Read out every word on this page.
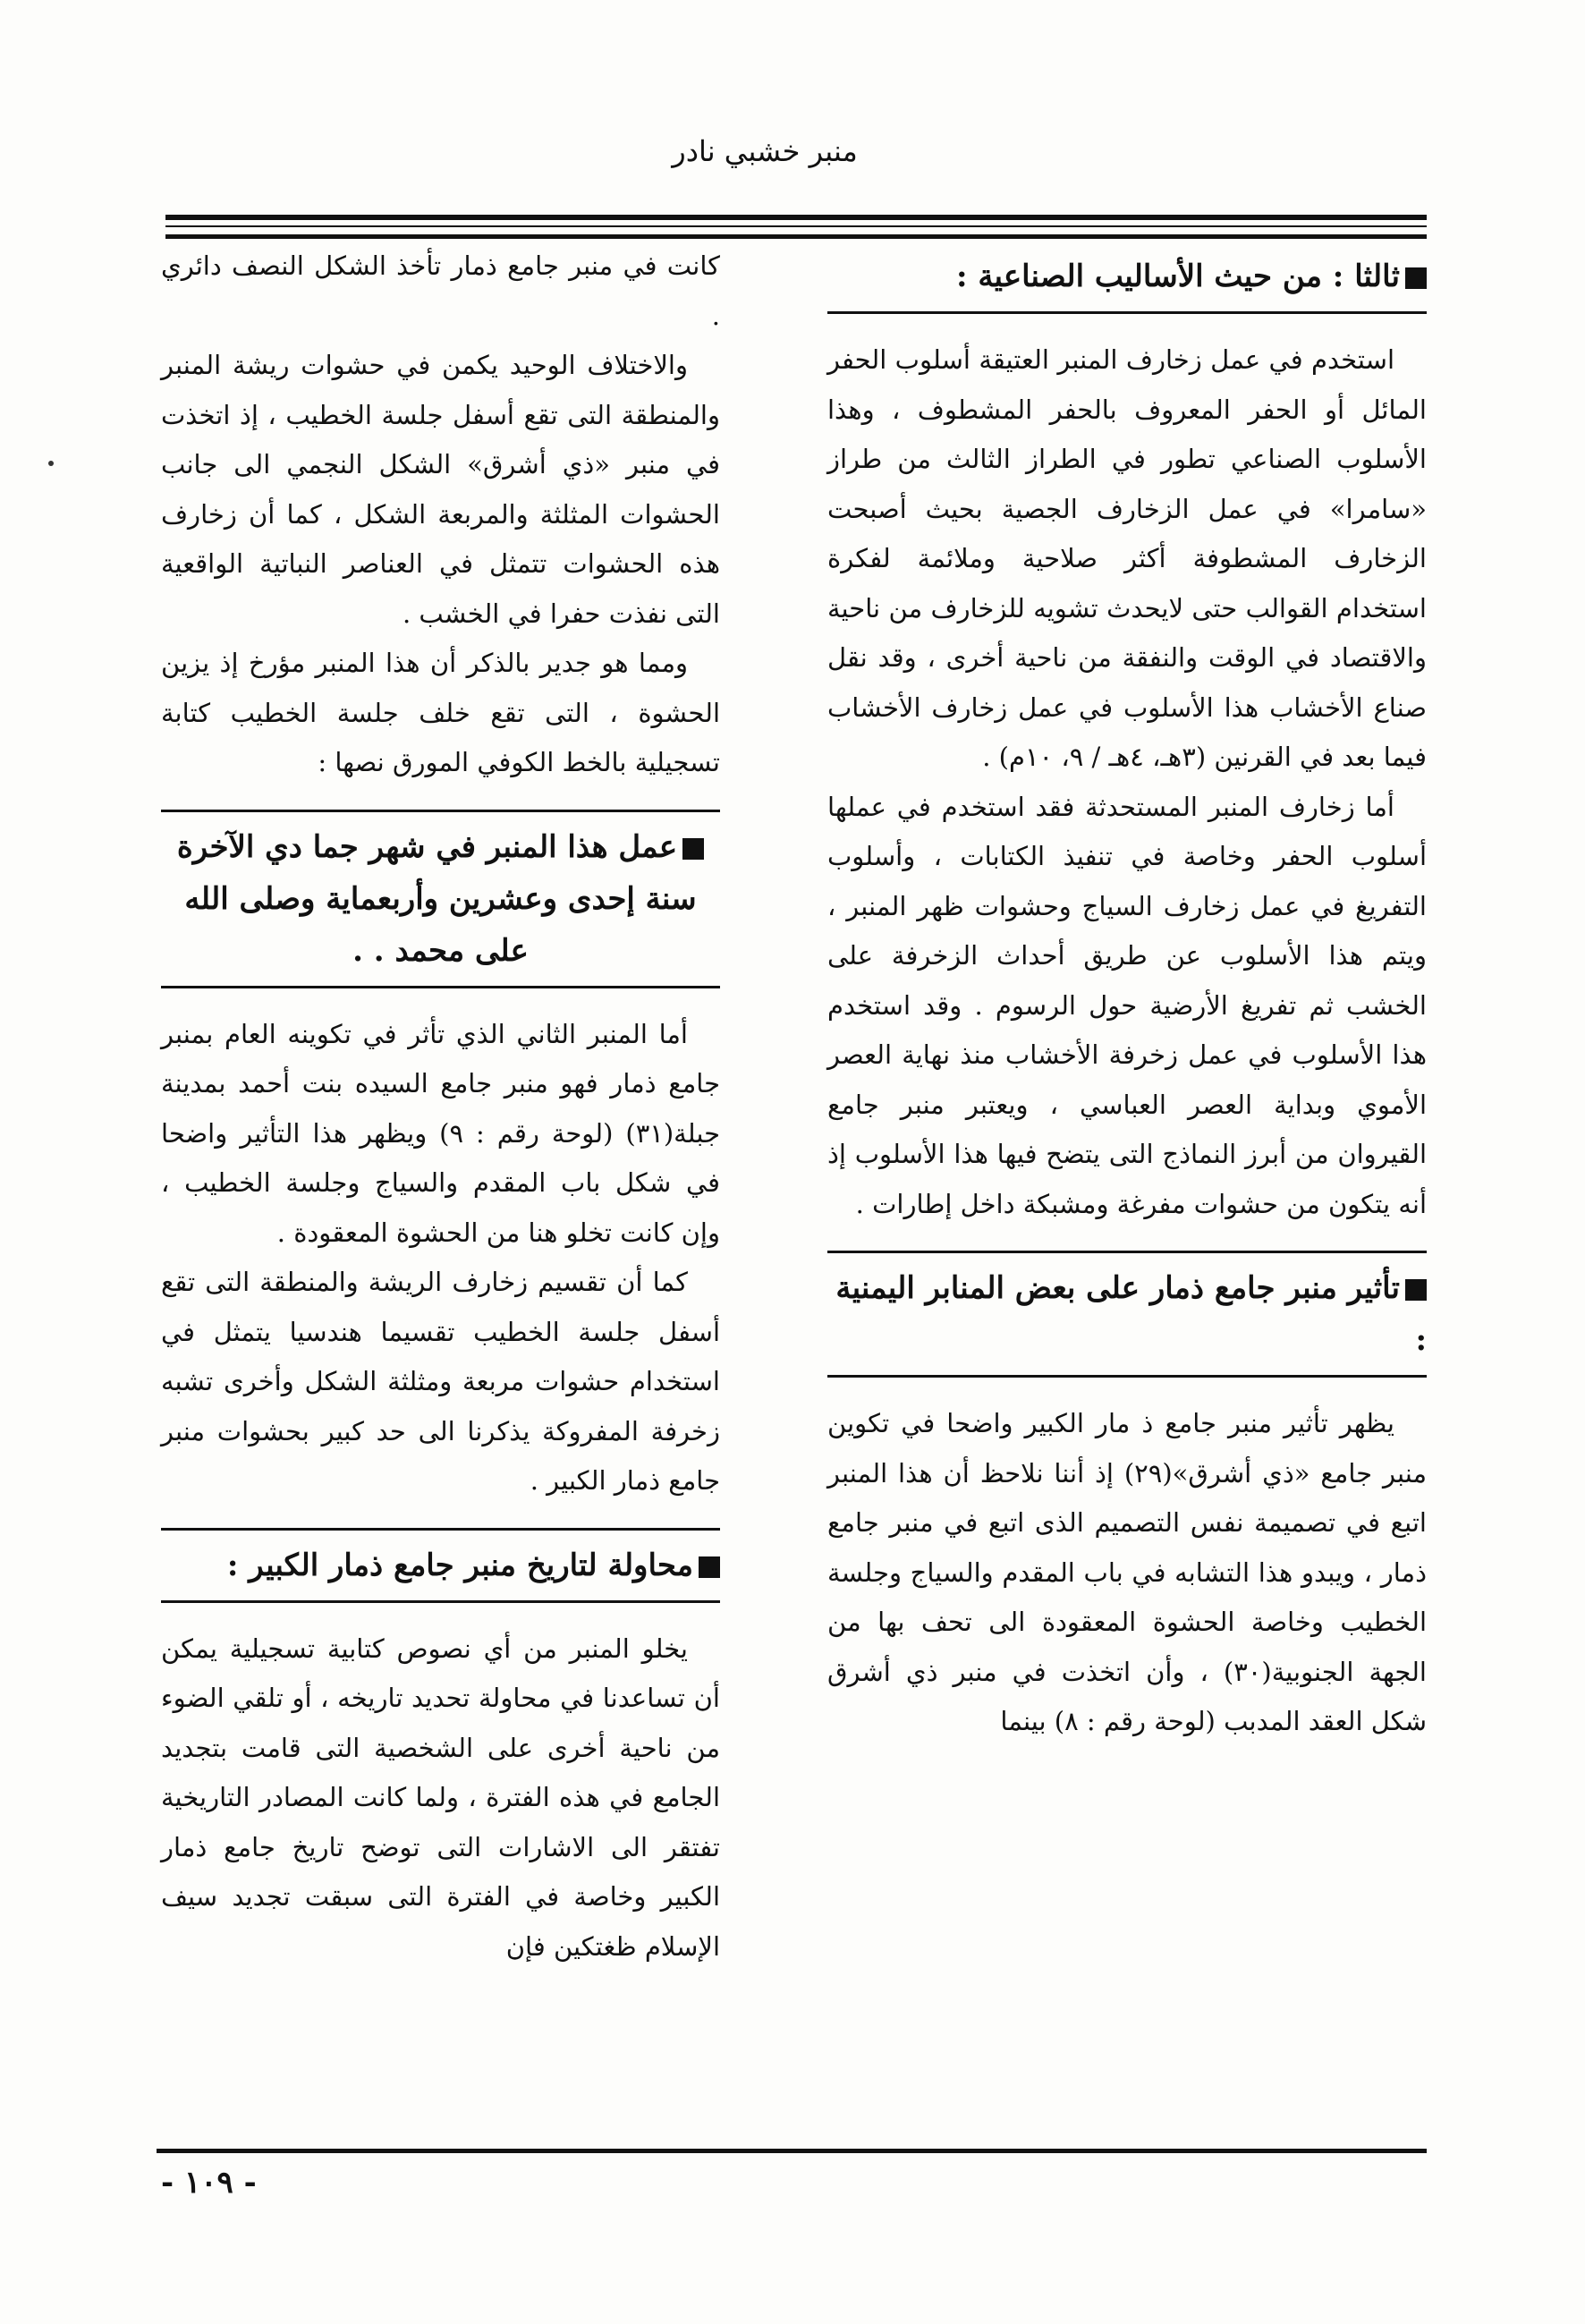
منبر خشبي نادر
ثالثا : من حيث الأساليب الصناعية :

استخدم في عمل زخارف المنبر العتيقة أسلوب الحفر المائل أو الحفر المعروف بالحفر المشطوف ، وهذا الأسلوب الصناعي تطور في الطراز الثالث من طراز «سامرا» في عمل الزخارف الجصية بحيث أصبحت الزخارف المشطوفة أكثر صلاحية وملائمة لفكرة استخدام القوالب حتى لايحدث تشويه للزخارف من ناحية والاقتصاد في الوقت والنفقة من ناحية أخرى ، وقد نقل صناع الأخشاب هذا الأسلوب في عمل زخارف الأخشاب فيما بعد في القرنين (٣هـ، ٤هـ / ٩، ١٠م) .

أما زخارف المنبر المستحدثة فقد استخدم في عملها أسلوب الحفر وخاصة في تنفيذ الكتابات ، وأسلوب التفريغ في عمل زخارف السياج وحشوات ظهر المنبر ، ويتم هذا الأسلوب عن طريق أحداث الزخرفة على الخشب ثم تفريغ الأرضية حول الرسوم . وقد استخدم هذا الأسلوب في عمل زخرفة الأخشاب منذ نهاية العصر الأموي وبداية العصر العباسي ، ويعتبر منبر جامع القيروان من أبرز النماذج التى يتضح فيها هذا الأسلوب إذ أنه يتكون من حشوات مفرغة ومشبكة داخل إطارات .

تأثير منبر جامع ذمار على بعض المنابر اليمنية :

يظهر تأثير منبر جامع ذ مار الكبير واضحا في تكوين منبر جامع «ذي أشرق»(٢٩) إذ أننا نلاحظ أن هذا المنبر اتبع في تصميمة نفس التصميم الذى اتبع في منبر جامع ذمار ، ويبدو هذا التشابه في باب المقدم والسياج وجلسة الخطيب وخاصة الحشوة المعقودة الى تحف بها من الجهة الجنوبية(٣٠) ، وأن اتخذت في منبر ذي أشرق شكل العقد المدبب (لوحة رقم : ٨) بينما

كانت في منبر جامع ذمار تأخذ الشكل النصف دائري .

والاختلاف الوحيد يكمن في حشوات ريشة المنبر والمنطقة التى تقع أسفل جلسة الخطيب ، إذ اتخذت في منبر «ذي أشرق» الشكل النجمي الى جانب الحشوات المثلثة والمربعة الشكل ، كما أن زخارف هذه الحشوات تتمثل في العناصر النباتية الواقعية التى نفذت حفرا في الخشب .

ومما هو جدير بالذكر أن هذا المنبر مؤرخ إذ يزين الحشوة ، التى تقع خلف جلسة الخطيب كتابة تسجيلية بالخط الكوفي المورق نصها :

عمل هذا المنبر في شهر جما دي الآخرة سنة إحدى وعشرين وأربعماية وصلى الله على محمد . .

أما المنبر الثاني الذي تأثر في تكوينه العام بمنبر جامع ذمار فهو منبر جامع السيده بنت أحمد بمدينة جبلة(٣١) (لوحة رقم : ٩) ويظهر هذا التأثير واضحا في شكل باب المقدم والسياج وجلسة الخطيب ، وإن كانت تخلو هنا من الحشوة المعقودة .

كما أن تقسيم زخارف الريشة والمنطقة التى تقع أسفل جلسة الخطيب تقسيما هندسيا يتمثل في استخدام حشوات مربعة ومثلثة الشكل وأخرى تشبه زخرفة المفروكة يذكرنا الى حد كبير بحشوات منبر جامع ذمار الكبير .

محاولة لتاريخ منبر جامع ذمار الكبير :

يخلو المنبر من أي نصوص كتابية تسجيلية يمكن أن تساعدنا في محاولة تحديد تاريخه ، أو تلقي الضوء من ناحية أخرى على الشخصية التى قامت بتجديد الجامع في هذه الفترة ، ولما كانت المصادر التاريخية تفتقر الى الاشارات التى توضح تاريخ جامع ذمار الكبير وخاصة في الفترة التى سبقت تجديد سيف الإسلام ظغتكين فإن

- ١٠٩ -
